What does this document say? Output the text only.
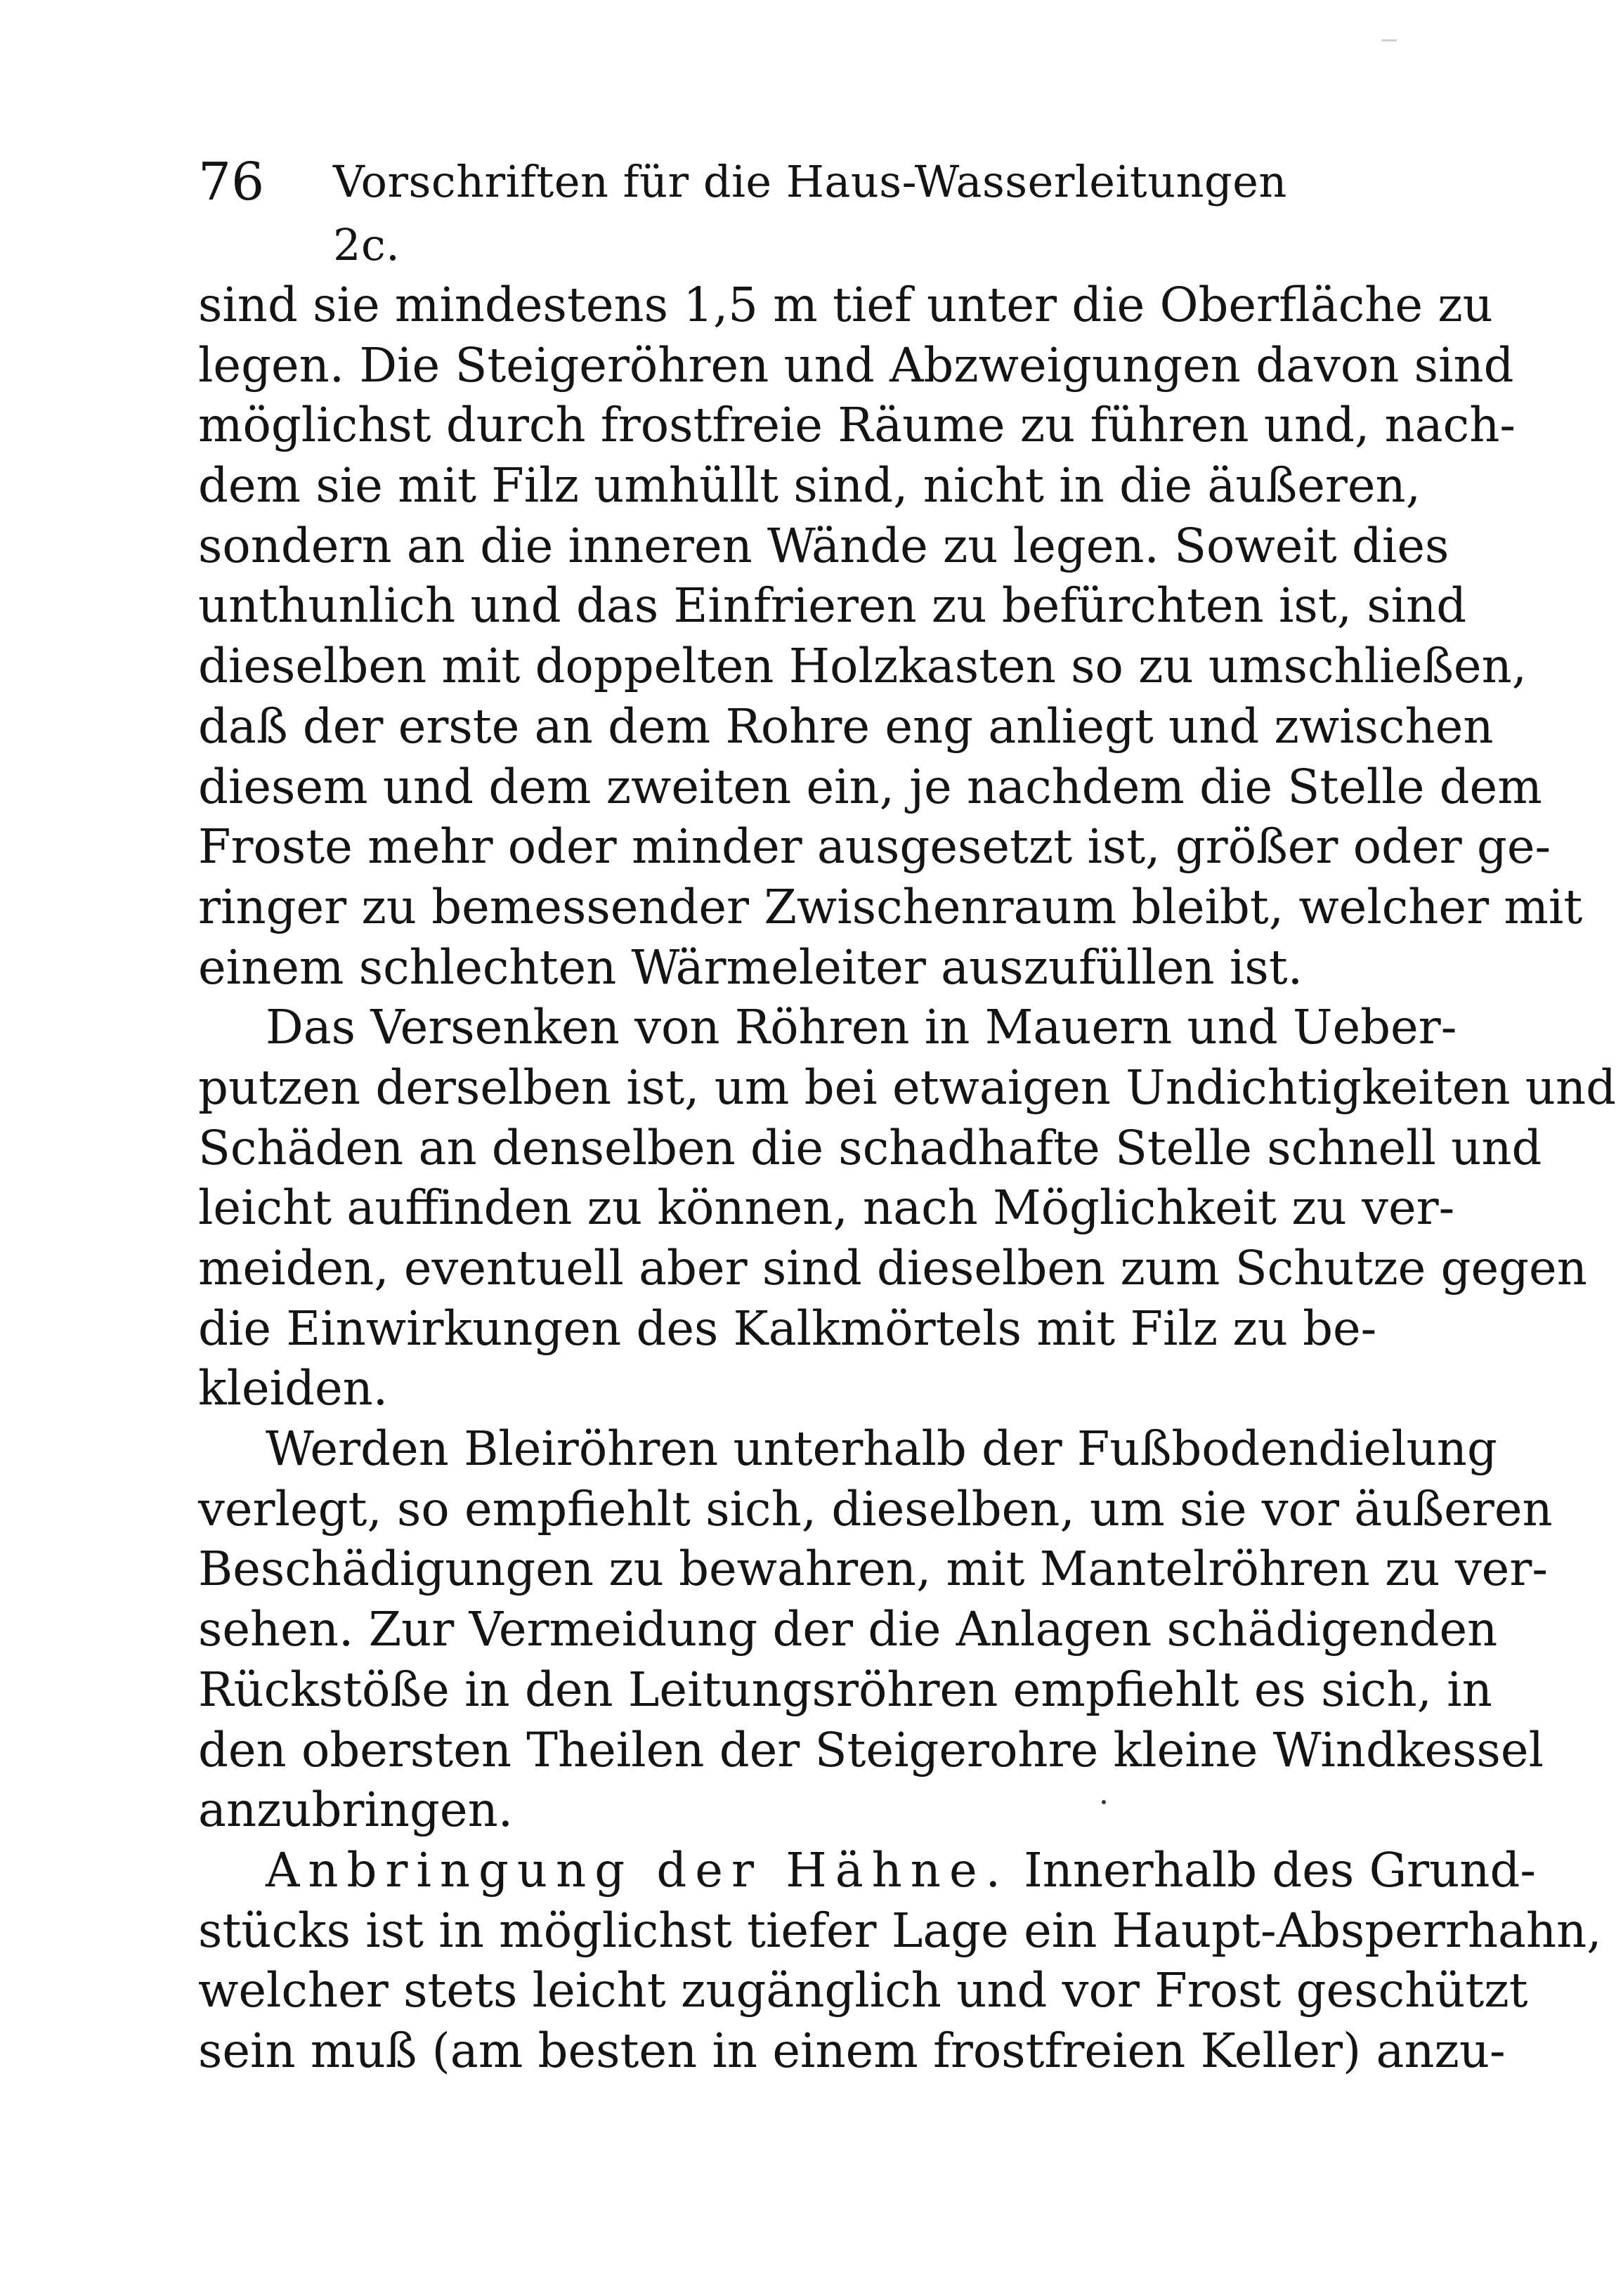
76 Vorschriften für die Haus-Wasserleitungen 2c.
sind sie mindestens 1,5 m tief unter die Oberfläche zu
legen. Die Steigeröhren und Abzweigungen davon sind
möglichst durch frostfreie Räume zu führen und, nach-
dem sie mit Filz umhüllt sind, nicht in die äußeren,
sondern an die inneren Wände zu legen. Soweit dies
unthunlich und das Einfrieren zu befürchten ist, sind
dieselben mit doppelten Holzkasten so zu umschließen,
daß der erste an dem Rohre eng anliegt und zwischen
diesem und dem zweiten ein, je nachdem die Stelle dem
Froste mehr oder minder ausgesetzt ist, größer oder ge-
ringer zu bemessender Zwischenraum bleibt, welcher mit
einem schlechten Wärmeleiter auszufüllen ist.
Das Versenken von Röhren in Mauern und Ueber-
putzen derselben ist, um bei etwaigen Undichtigkeiten und
Schäden an denselben die schadhafte Stelle schnell und
leicht auffinden zu können, nach Möglichkeit zu ver-
meiden, eventuell aber sind dieselben zum Schutze gegen
die Einwirkungen des Kalkmörtels mit Filz zu be-
kleiden.
Werden Bleiröhren unterhalb der Fußbodendielung
verlegt, so empfiehlt sich, dieselben, um sie vor äußeren
Beschädigungen zu bewahren, mit Mantelröhren zu ver-
sehen. Zur Vermeidung der die Anlagen schädigenden
Rückstöße in den Leitungsröhren empfiehlt es sich, in
den obersten Theilen der Steigerohre kleine Windkessel
anzubringen.
Anbringung der Hähne. Innerhalb des Grund-
stücks ist in möglichst tiefer Lage ein Haupt-Absperrhahn,
welcher stets leicht zugänglich und vor Frost geschützt
sein muß (am besten in einem frostfreien Keller) anzu-
